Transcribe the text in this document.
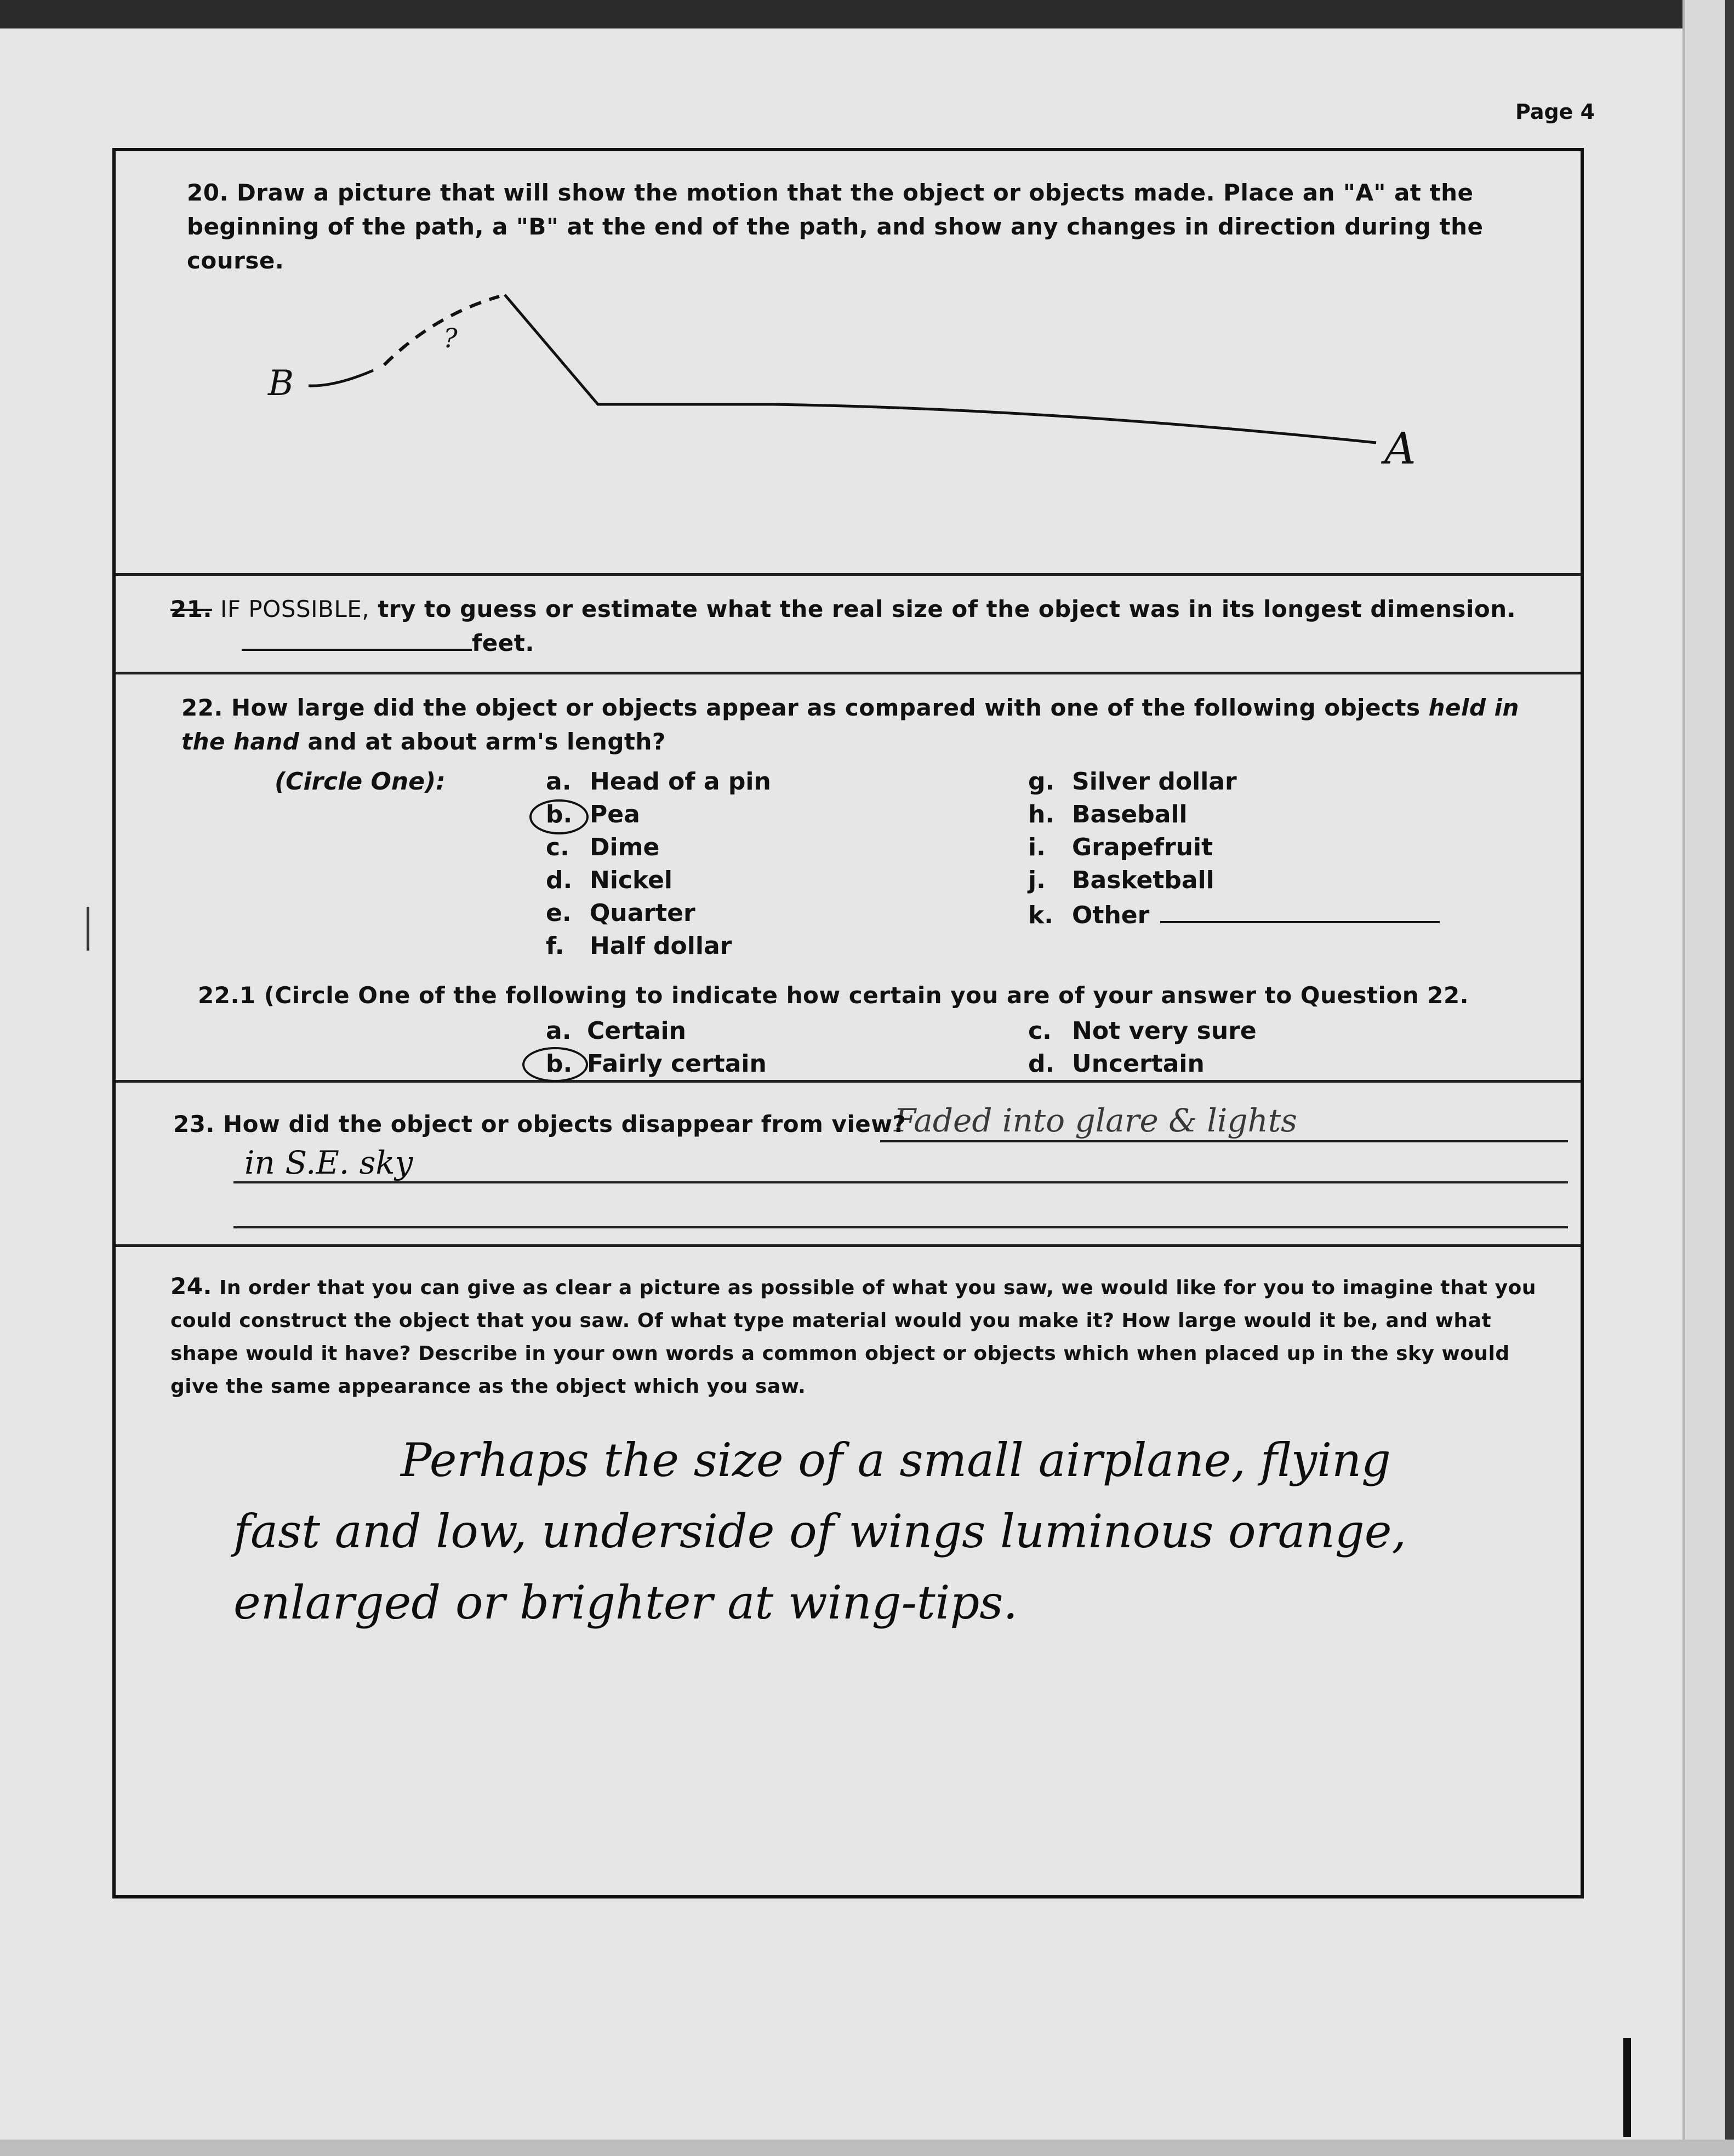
Page 4
20. Draw a picture that will show the motion that the object or objects made. Place an "A" at the beginning of the path, a "B" at the end of the path, and show any changes in direction during the course.
B
?
A
21. IF POSSIBLE, try to guess or estimate what the real size of the object was in its longest dimension.
feet.
22. How large did the object or objects appear as compared with one of the following objects held in the hand and at about arm's length?
(Circle One):	a. Head of a pin
b. Pea
c. Dime
d. Nickel
e. Quarter
f. Half dollar
g. Silver dollar
h. Baseball
i. Grapefruit
j. Basketball
k. Other
22.1 (Circle One of the following to indicate how certain you are of your answer to Question 22.
a. Certain
b. Fairly certain
c. Not very sure
d. Uncertain
23. How did the object or objects disappear from view?
Faded into glare & lights
in S.E. sky
24. In order that you can give as clear a picture as possible of what you saw, we would like for you to imagine that you could construct the object that you saw. Of what type material would you make it? How large would it be, and what shape would it have? Describe in your own words a common object or objects which when placed up in the sky would give the same appearance as the object which you saw.
Perhaps the size of a small airplane, flying
fast and low, underside of wings luminous orange,
enlarged or brighter at wing-tips.
